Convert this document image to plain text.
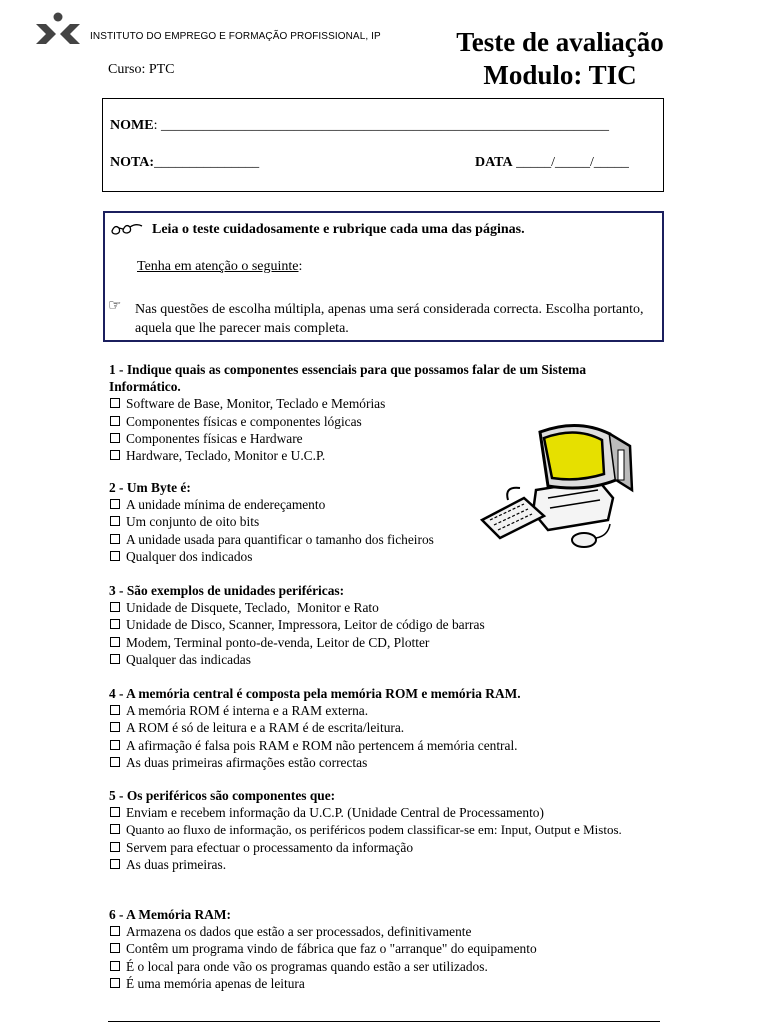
INSTITUTO DO EMPREGO E FORMAÇÃO PROFISSIONAL, IP	Teste de avaliação
Modulo: TIC
Curso: PTC
NOME: ________________________________________________________________
NOTA:_______________	DATA _____/_____/_____
Leia o teste cuidadosamente e rubrique cada uma das páginas.
Tenha em atenção o seguinte:
☞ Nas questões de escolha múltipla, apenas uma será considerada correcta. Escolha portanto, aquela que lhe parecer mais completa.
1 - Indique quais as componentes essenciais para que possamos falar de um Sistema Informático.
Software de Base, Monitor, Teclado e Memórias
Componentes físicas e componentes lógicas
Componentes físicas e Hardware
Hardware, Teclado, Monitor e U.C.P.
2 - Um Byte é:
A unidade mínima de endereçamento
Um conjunto de oito bits
A unidade usada para quantificar o tamanho dos ficheiros
Qualquer dos indicados
3 - São exemplos de unidades periféricas:
Unidade de Disquete, Teclado,  Monitor e Rato
Unidade de Disco, Scanner, Impressora, Leitor de código de barras
Modem, Terminal ponto-de-venda, Leitor de CD, Plotter
Qualquer das indicadas
4 - A memória central é composta pela memória ROM e memória RAM.
A memória ROM é interna e a RAM externa.
A ROM é só de leitura e a RAM é de escrita/leitura.
A afirmação é falsa pois RAM e ROM não pertencem á memória central.
As duas primeiras afirmações estão correctas
5 - Os periféricos são componentes que:
Enviam e recebem informação da U.C.P. (Unidade Central de Processamento)
Quanto ao fluxo de informação, os periféricos podem classificar-se em: Input, Output e Mistos.
Servem para efectuar o processamento da informação
As duas primeiras.
6 - A Memória RAM:
Armazena os dados que estão a ser processados, definitivamente
Contêm um programa vindo de fábrica que faz o "arranque" do equipamento
É o local para onde vão os programas quando estão a ser utilizados.
É uma memória apenas de leitura
